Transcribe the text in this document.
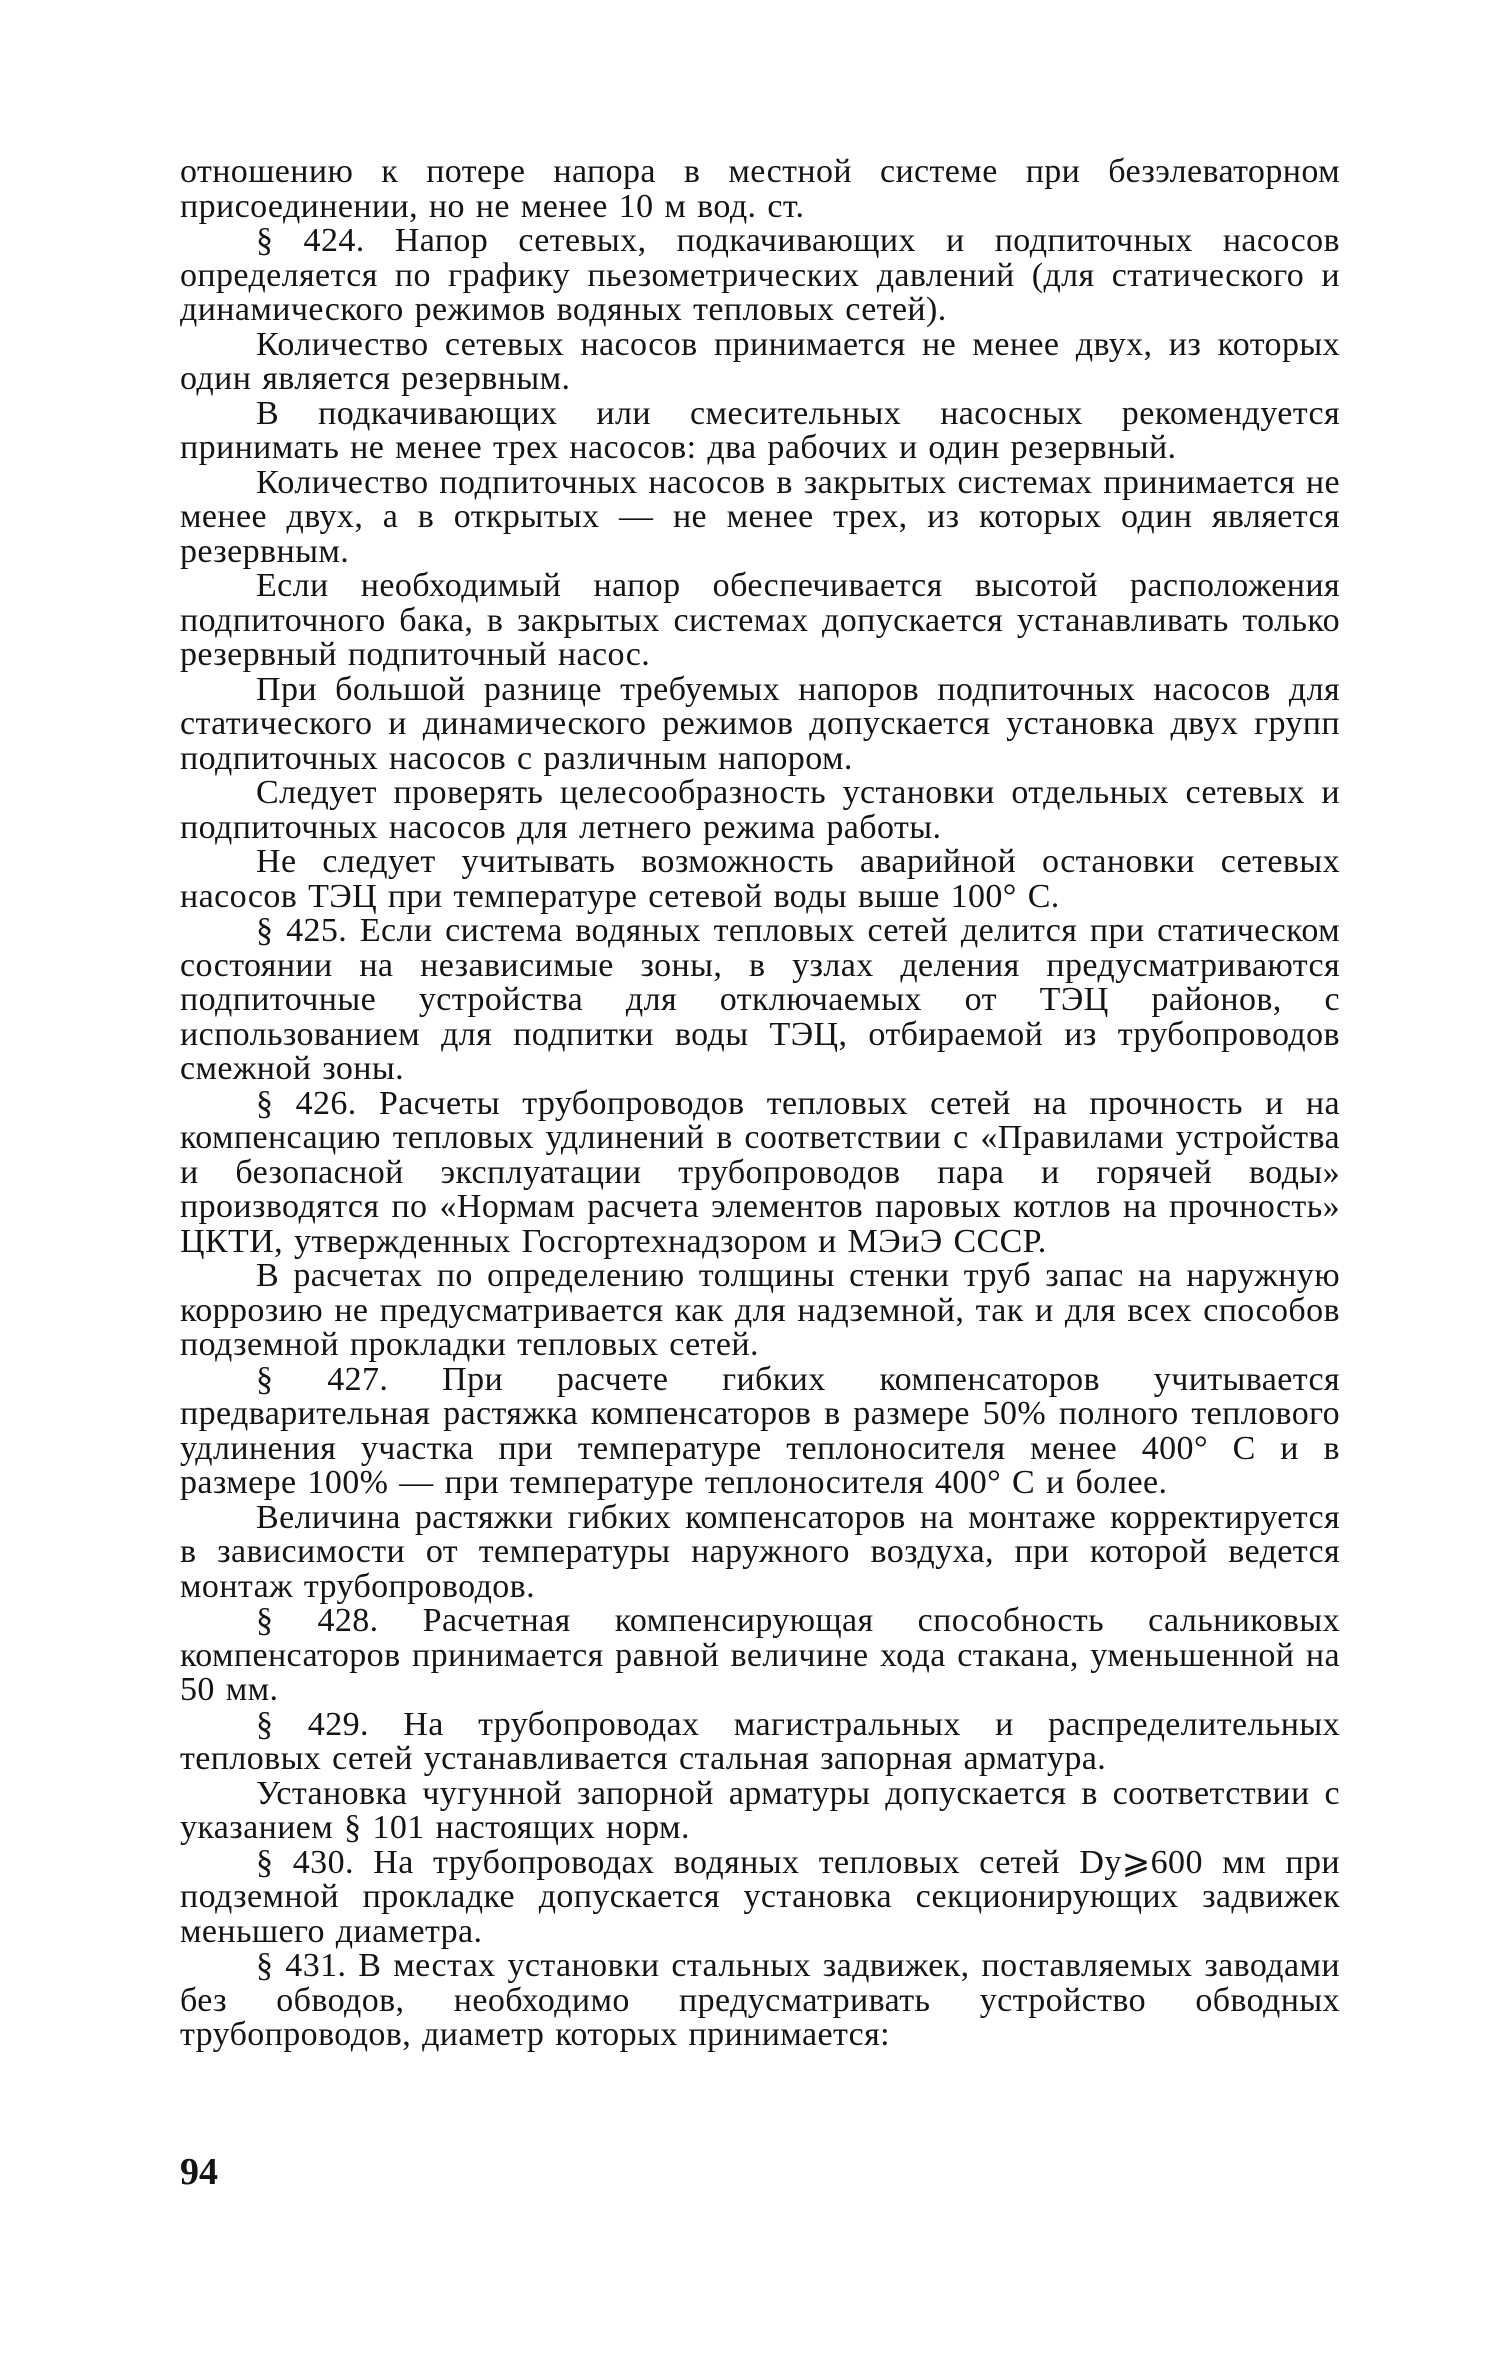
отношению к потере напора в местной системе при безэлеваторном присоединении, но не менее 10 м вод. ст.

§ 424. Напор сетевых, подкачивающих и подпиточных насосов определяется по графику пьезометрических давлений (для статического и динамического режимов водяных тепловых сетей).

Количество сетевых насосов принимается не менее двух, из которых один является резервным.

В подкачивающих или смесительных насосных рекомендуется принимать не менее трех насосов: два рабочих и один резервный.

Количество подпиточных насосов в закрытых системах принимается не менее двух, а в открытых — не менее трех, из которых один является резервным.

Если необходимый напор обеспечивается высотой расположения подпиточного бака, в закрытых системах допускается устанавливать только резервный подпиточный насос.

При большой разнице требуемых напоров подпиточных насосов для статического и динамического режимов допускается установка двух групп подпиточных насосов с различным напором.

Следует проверять целесообразность установки отдельных сетевых и подпиточных насосов для летнего режима работы.

Не следует учитывать возможность аварийной остановки сетевых насосов ТЭЦ при температуре сетевой воды выше 100° С.

§ 425. Если система водяных тепловых сетей делится при статическом состоянии на независимые зоны, в узлах деления предусматриваются подпиточные устройства для отключаемых от ТЭЦ районов, с использованием для подпитки воды ТЭЦ, отбираемой из трубопроводов смежной зоны.

§ 426. Расчеты трубопроводов тепловых сетей на прочность и на компенсацию тепловых удлинений в соответствии с «Правилами устройства и безопасной эксплуатации трубопроводов пара и горячей воды» производятся по «Нормам расчета элементов паровых котлов на прочность» ЦКТИ, утвержденных Госгортехнадзором и МЭиЭ СССР.

В расчетах по определению толщины стенки труб запас на наружную коррозию не предусматривается как для надземной, так и для всех способов подземной прокладки тепловых сетей.

§ 427. При расчете гибких компенсаторов учитывается предварительная растяжка компенсаторов в размере 50% полного теплового удлинения участка при температуре теплоносителя менее 400° С и в размере 100% — при температуре теплоносителя 400° С и более.

Величина растяжки гибких компенсаторов на монтаже корректируется в зависимости от температуры наружного воздуха, при которой ведется монтаж трубопроводов.

§ 428. Расчетная компенсирующая способность сальниковых компенсаторов принимается равной величине хода стакана, уменьшенной на 50 мм.

§ 429. На трубопроводах магистральных и распределительных тепловых сетей устанавливается стальная запорная арматура.

Установка чугунной запорной арматуры допускается в соответствии с указанием § 101 настоящих норм.

§ 430. На трубопроводах водяных тепловых сетей Dу⩾600 мм при подземной прокладке допускается установка секционирующих задвижек меньшего диаметра.

§ 431. В местах установки стальных задвижек, поставляемых заводами без обводов, необходимо предусматривать устройство обводных трубопроводов, диаметр которых принимается:

94
